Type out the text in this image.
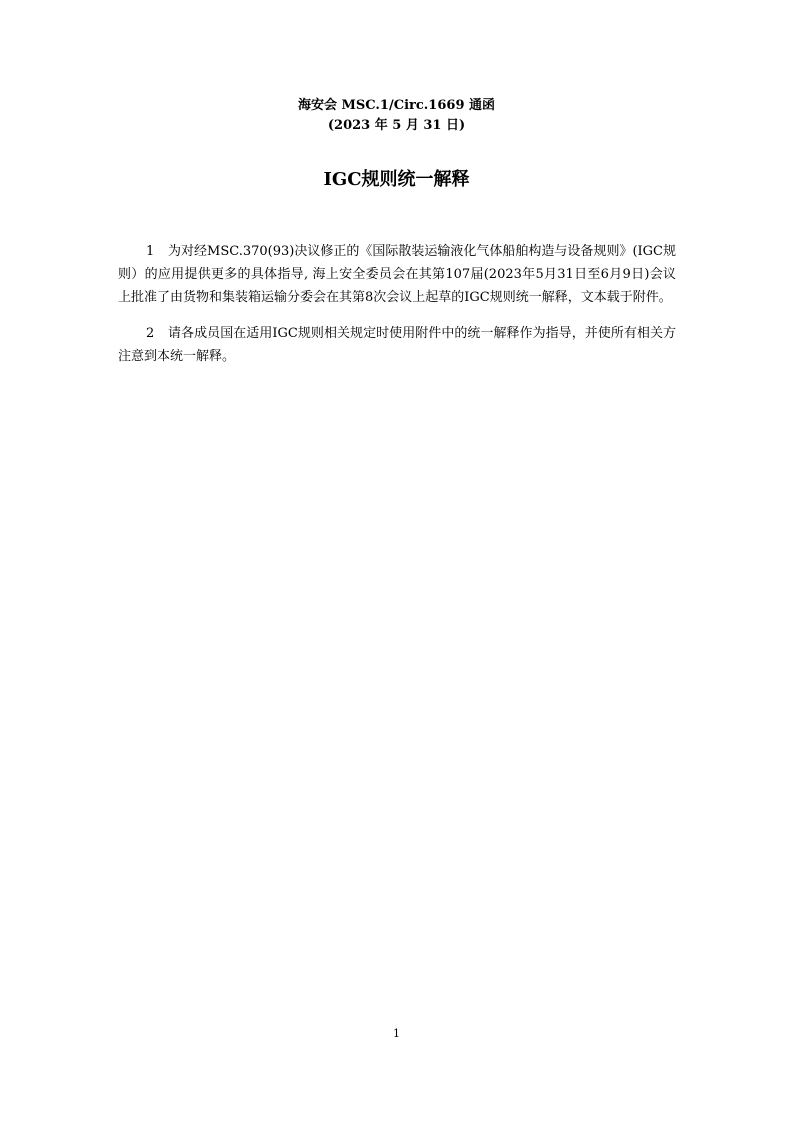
海安会 MSC.1/Circ.1669 通函
(2023 年 5 月 31 日)
IGC规则统一解释

1 为对经MSC.370(93)决议修正的《国际散装运输液化气体船舶构造与设备规则》(IGC规则）的应用提供更多的具体指导, 海上安全委员会在其第107届(2023年5月31日至6月9日)会议上批准了由货物和集装箱运输分委会在其第8次会议上起草的IGC规则统一解释，文本载于附件。

2 请各成员国在适用IGC规则相关规定时使用附件中的统一解释作为指导，并使所有相关方注意到本统一解释。

1
